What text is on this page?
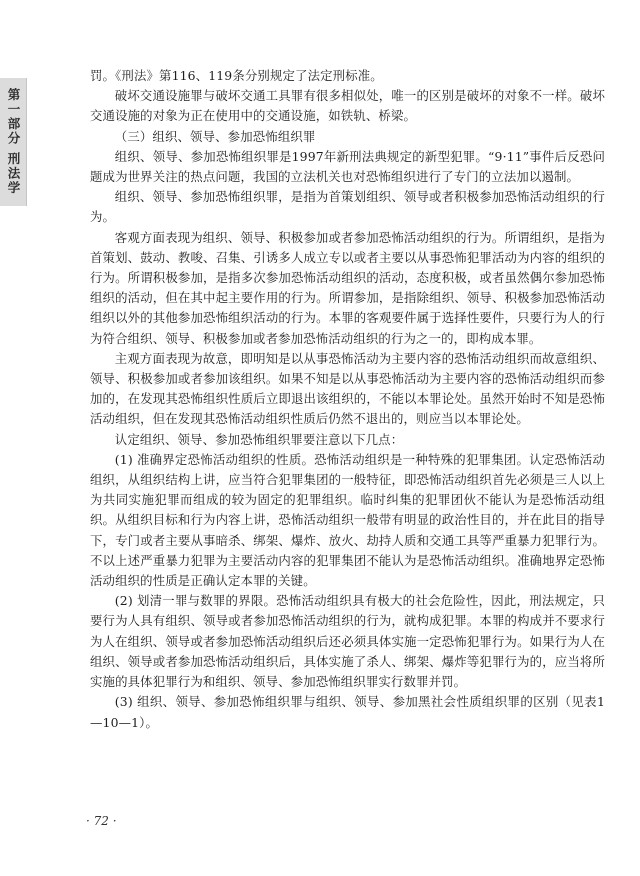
第一部分
刑法学

罚。《刑法》第116、119条分别规定了法定刑标准。

破坏交通设施罪与破坏交通工具罪有很多相似处，唯一的区别是破坏的对象不一样。破坏交通设施的对象为正在使用中的交通设施，如铁轨、桥梁。

（三）组织、领导、参加恐怖组织罪

组织、领导、参加恐怖组织罪是1997年新刑法典规定的新型犯罪。“9·11”事件后反恐问题成为世界关注的热点问题，我国的立法机关也对恐怖组织进行了专门的立法加以遏制。

组织、领导、参加恐怖组织罪，是指为首策划组织、领导或者积极参加恐怖活动组织的行为。

客观方面表现为组织、领导、积极参加或者参加恐怖活动组织的行为。所谓组织，是指为首策划、鼓动、教唆、召集、引诱多人成立专以或者主要以从事恐怖犯罪活动为内容的组织的行为。所谓积极参加，是指多次参加恐怖活动组织的活动，态度积极，或者虽然偶尔参加恐怖组织的活动，但在其中起主要作用的行为。所谓参加，是指除组织、领导、积极参加恐怖活动组织以外的其他参加恐怖组织活动的行为。本罪的客观要件属于选择性要件，只要行为人的行为符合组织、领导、积极参加或者参加恐怖活动组织的行为之一的，即构成本罪。

主观方面表现为故意，即明知是以从事恐怖活动为主要内容的恐怖活动组织而故意组织、领导、积极参加或者参加该组织。如果不知是以从事恐怖活动为主要内容的恐怖活动组织而参加的，在发现其恐怖组织性质后立即退出该组织的，不能以本罪论处。虽然开始时不知是恐怖活动组织，但在发现其恐怖活动组织性质后仍然不退出的，则应当以本罪论处。

认定组织、领导、参加恐怖组织罪要注意以下几点：

(1) 准确界定恐怖活动组织的性质。恐怖活动组织是一种特殊的犯罪集团。认定恐怖活动组织，从组织结构上讲，应当符合犯罪集团的一般特征，即恐怖活动组织首先必须是三人以上为共同实施犯罪而组成的较为固定的犯罪组织。临时纠集的犯罪团伙不能认为是恐怖活动组织。从组织目标和行为内容上讲，恐怖活动组织一般带有明显的政治性目的，并在此目的指导下，专门或者主要从事暗杀、绑架、爆炸、放火、劫持人质和交通工具等严重暴力犯罪行为。不以上述严重暴力犯罪为主要活动内容的犯罪集团不能认为是恐怖活动组织。准确地界定恐怖活动组织的性质是正确认定本罪的关键。

(2) 划清一罪与数罪的界限。恐怖活动组织具有极大的社会危险性，因此，刑法规定，只要行为人具有组织、领导或者参加恐怖活动组织的行为，就构成犯罪。本罪的构成并不要求行为人在组织、领导或者参加恐怖活动组织后还必须具体实施一定恐怖犯罪行为。如果行为人在组织、领导或者参加恐怖活动组织后，具体实施了杀人、绑架、爆炸等犯罪行为的，应当将所实施的具体犯罪行为和组织、领导、参加恐怖组织罪实行数罪并罚。

(3) 组织、领导、参加恐怖组织罪与组织、领导、参加黑社会性质组织罪的区别（见表1—10—1）。

· 72 ·
